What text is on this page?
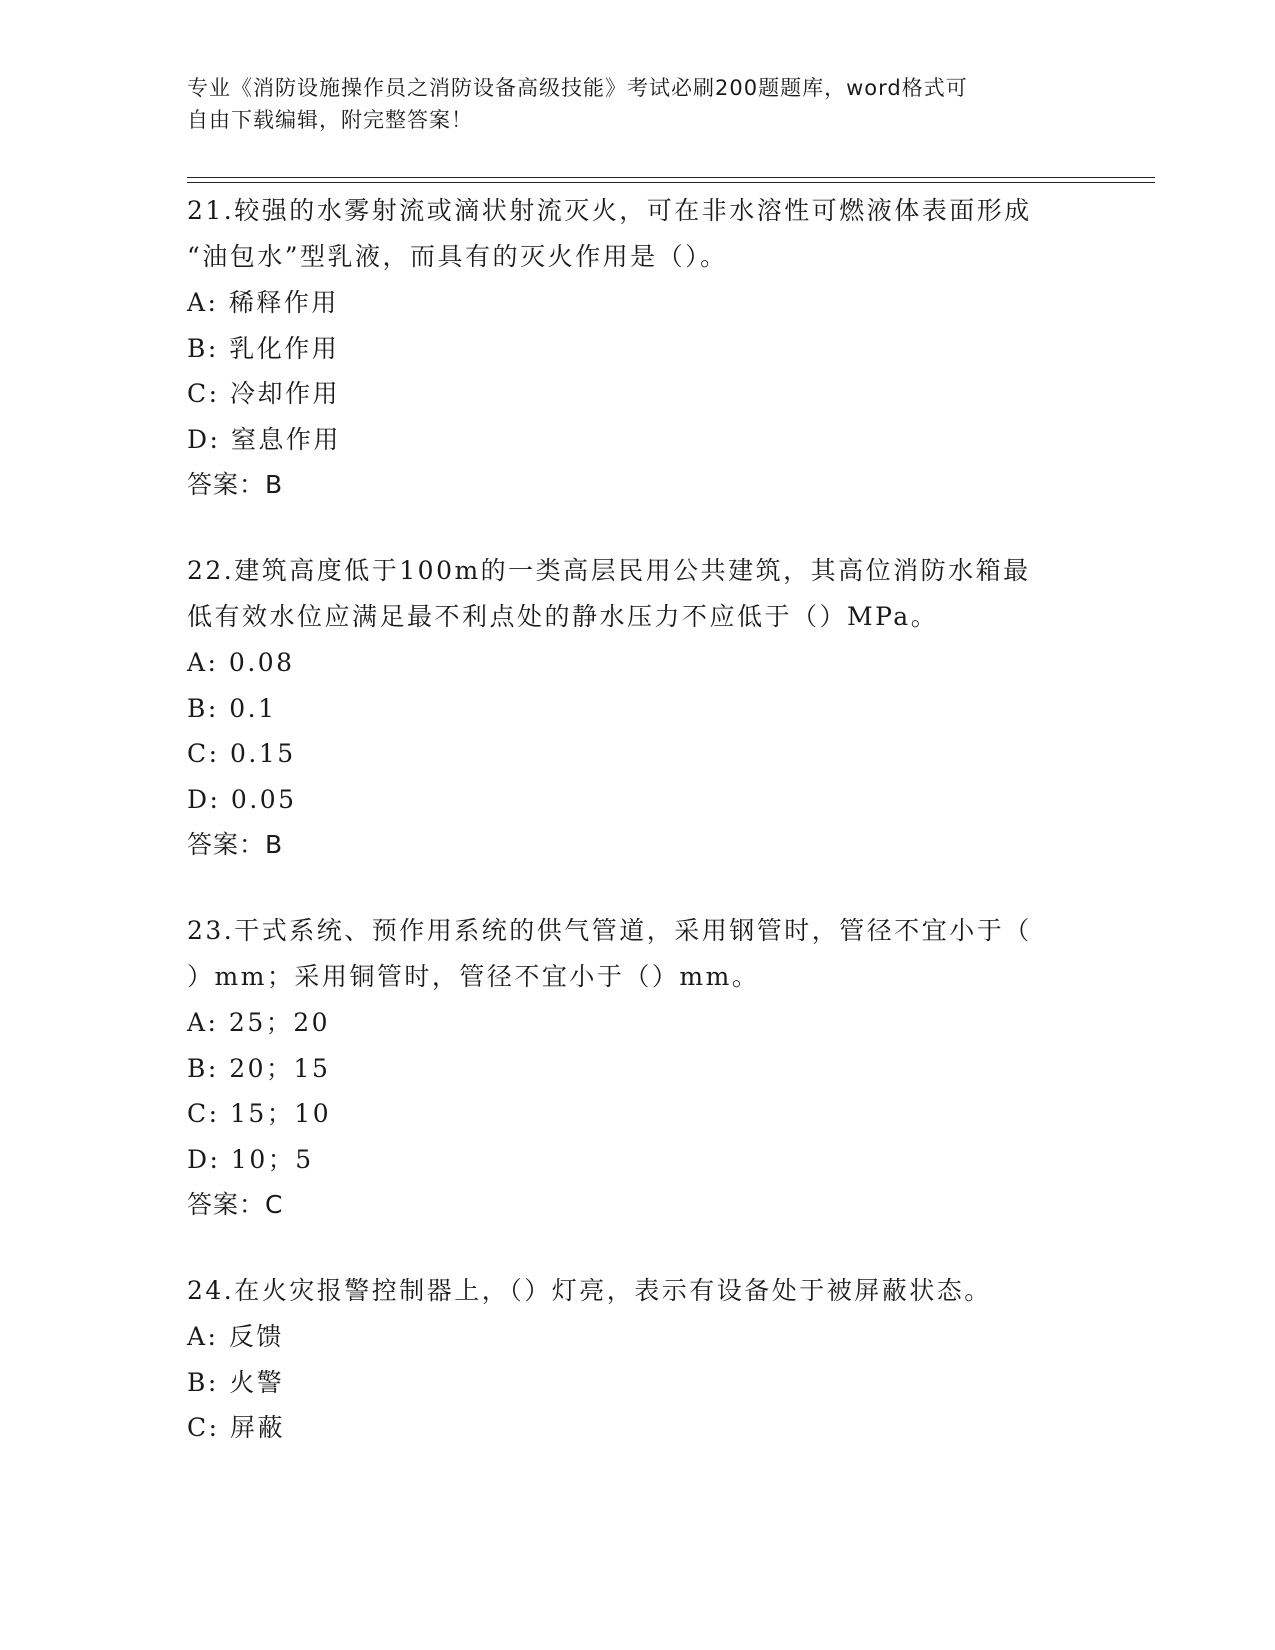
专业《消防设施操作员之消防设备高级技能》考试必刷200题题库，word格式可
自由下载编辑，附完整答案！
21.较强的水雾射流或滴状射流灭火，可在非水溶性可燃液体表面形成
“油包水”型乳液，而具有的灭火作用是（）。
A: 稀释作用
B: 乳化作用
C: 冷却作用
D: 窒息作用
答案：B
22.建筑高度低于100m的一类高层民用公共建筑，其高位消防水箱最
低有效水位应满足最不利点处的静水压力不应低于（）MPa。
A: 0.08
B: 0.1
C: 0.15
D: 0.05
答案：B
23.干式系统、预作用系统的供气管道，采用钢管时，管径不宜小于（
）mm；采用铜管时，管径不宜小于（）mm。
A: 25；20
B: 20；15
C: 15；10
D: 10；5
答案：C
24.在火灾报警控制器上，（）灯亮，表示有设备处于被屏蔽状态。
A: 反馈
B: 火警
C: 屏蔽
